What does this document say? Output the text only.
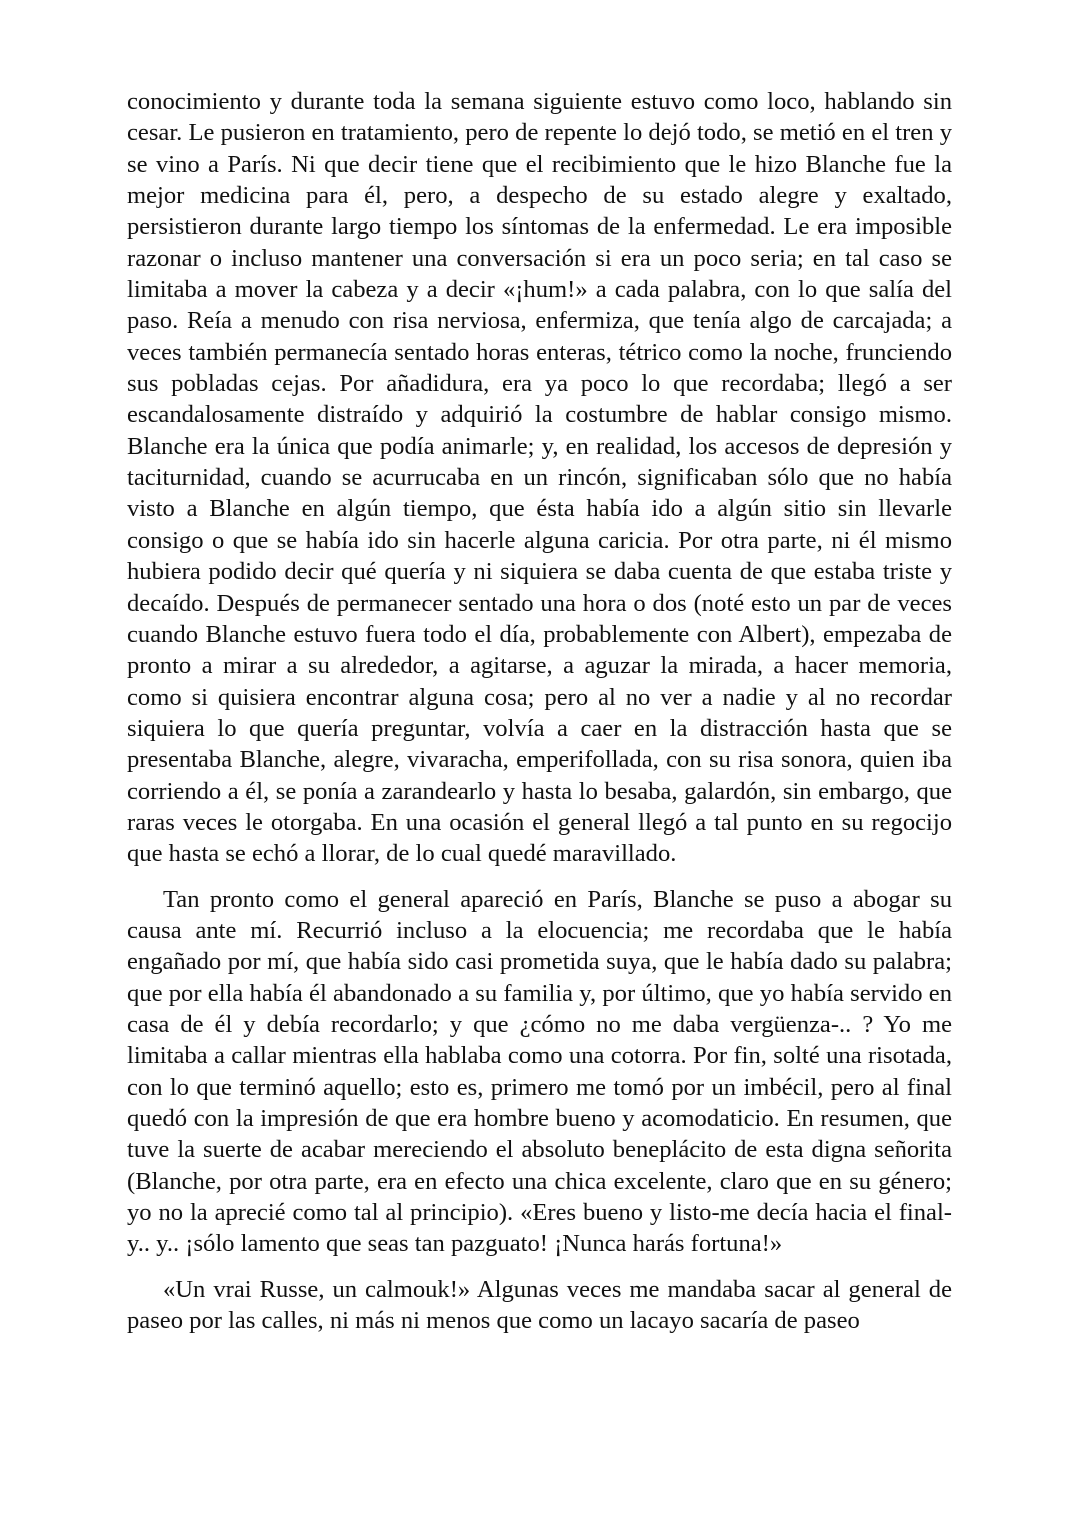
conocimiento y durante toda la semana siguiente estuvo como loco, hablando sin cesar. Le pusieron en tratamiento, pero de repente lo dejó todo, se metió en el tren y se vino a París. Ni que decir tiene que el recibimiento que le hizo Blanche fue la mejor medicina para él, pero, a despecho de su estado alegre y exaltado, persistieron durante largo tiempo los síntomas de la enfermedad. Le era imposible razonar o incluso mantener una conversación si era un poco seria; en tal caso se limitaba a mover la cabeza y a decir «¡hum!» a cada palabra, con lo que salía del paso. Reía a menudo con risa nerviosa, enfermiza, que tenía algo de carcajada; a veces también permanecía sentado horas enteras, tétrico como la noche, frunciendo sus pobladas cejas. Por añadidura, era ya poco lo que recordaba; llegó a ser escandalosamente distraído y adquirió la costumbre de hablar consigo mismo. Blanche era la única que podía animarle; y, en realidad, los accesos de depresión y taciturnidad, cuando se acurrucaba en un rincón, significaban sólo que no había visto a Blanche en algún tiempo, que ésta había ido a algún sitio sin llevarle consigo o que se había ido sin hacerle alguna caricia. Por otra parte, ni él mismo hubiera podido decir qué quería y ni siquiera se daba cuenta de que estaba triste y decaído. Después de permanecer sentado una hora o dos (noté esto un par de veces cuando Blanche estuvo fuera todo el día, probablemente con Albert), empezaba de pronto a mirar a su alrededor, a agitarse, a aguzar la mirada, a hacer memoria, como si quisiera encontrar alguna cosa; pero al no ver a nadie y al no recordar siquiera lo que quería preguntar, volvía a caer en la distracción hasta que se presentaba Blanche, alegre, vivaracha, emperifollada, con su risa sonora, quien iba corriendo a él, se ponía a zarandearlo y hasta lo besaba, galardón, sin embargo, que raras veces le otorgaba. En una ocasión el general llegó a tal punto en su regocijo que hasta se echó a llorar, de lo cual quedé maravillado.

Tan pronto como el general apareció en París, Blanche se puso a abogar su causa ante mí. Recurrió incluso a la elocuencia; me recordaba que le había engañado por mí, que había sido casi prometida suya, que le había dado su palabra; que por ella había él abandonado a su familia y, por último, que yo había servido en casa de él y debía recordarlo; y que ¿cómo no me daba vergüenza-.. ? Yo me limitaba a callar mientras ella hablaba como una cotorra. Por fin, solté una risotada, con lo que terminó aquello; esto es, primero me tomó por un imbécil, pero al final quedó con la impresión de que era hombre bueno y acomodaticio. En resumen, que tuve la suerte de acabar mereciendo el absoluto beneplácito de esta digna señorita (Blanche, por otra parte, era en efecto una chica excelente, claro que en su género; yo no la aprecié como tal al principio). «Eres bueno y listo-me decía hacia el final-y.. y.. ¡sólo lamento que seas tan pazguato! ¡Nunca harás fortuna!»

«Un vrai Russe, un calmouk!» Algunas veces me mandaba sacar al general de paseo por las calles, ni más ni menos que como un lacayo sacaría de paseo
